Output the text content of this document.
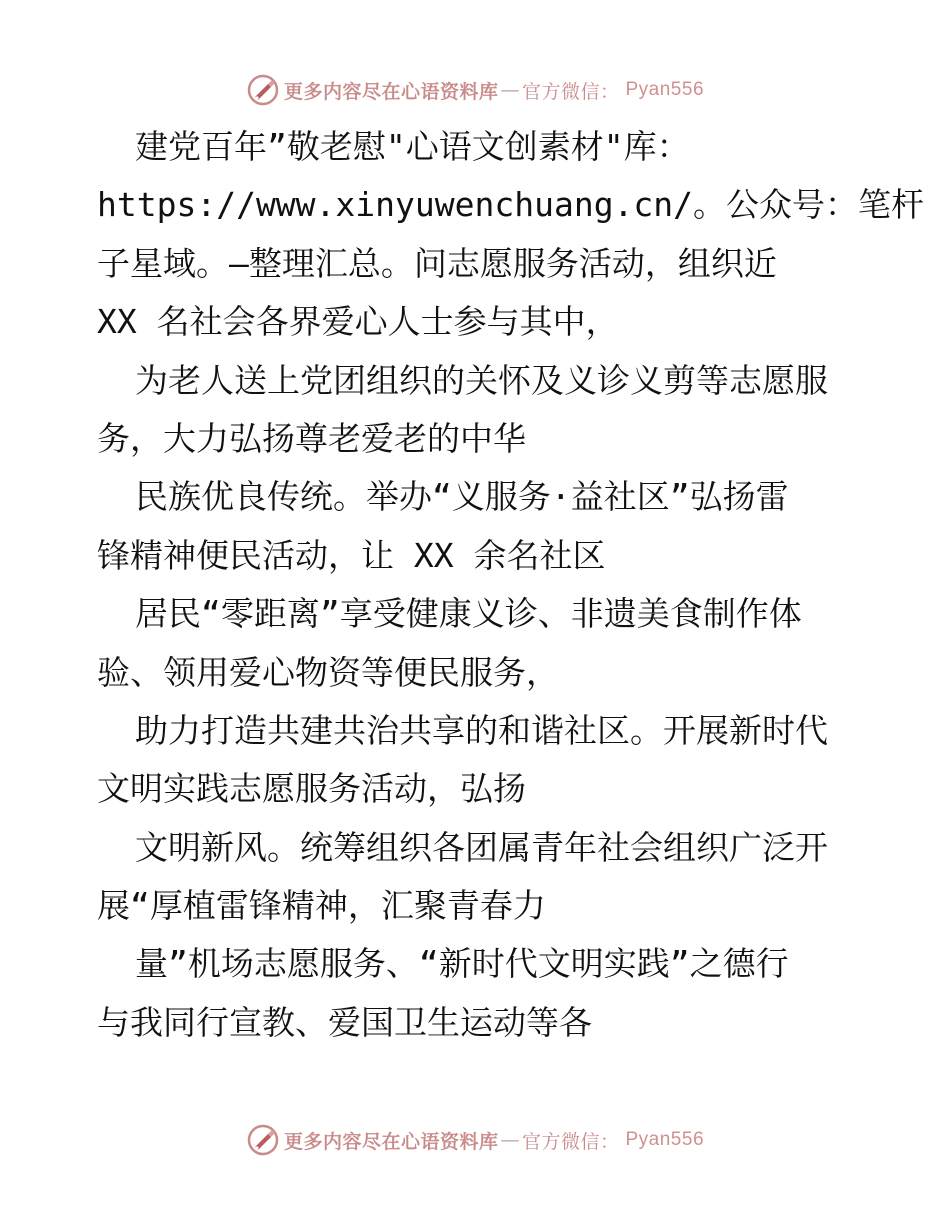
更多内容尽在心语资料库 — 官方微信： Pyan556
建党百年”敬老慰"心语文创素材"库：
https://www.xinyuwenchuang.cn/。公众号：笔杆
子星域。—整理汇总。问志愿服务活动，组织近
XX 名社会各界爱心人士参与其中，
为老人送上党团组织的关怀及义诊义剪等志愿服
务，大力弘扬尊老爱老的中华
民族优良传统。举办“义服务·益社区”弘扬雷
锋精神便民活动，让 XX 余名社区
居民“零距离”享受健康义诊、非遗美食制作体
验、领用爱心物资等便民服务，
助力打造共建共治共享的和谐社区。开展新时代
文明实践志愿服务活动，弘扬
文明新风。统筹组织各团属青年社会组织广泛开
展“厚植雷锋精神，汇聚青春力
量”机场志愿服务、“新时代文明实践”之德行
与我同行宣教、爱国卫生运动等各
更多内容尽在心语资料库 — 官方微信： Pyan556
